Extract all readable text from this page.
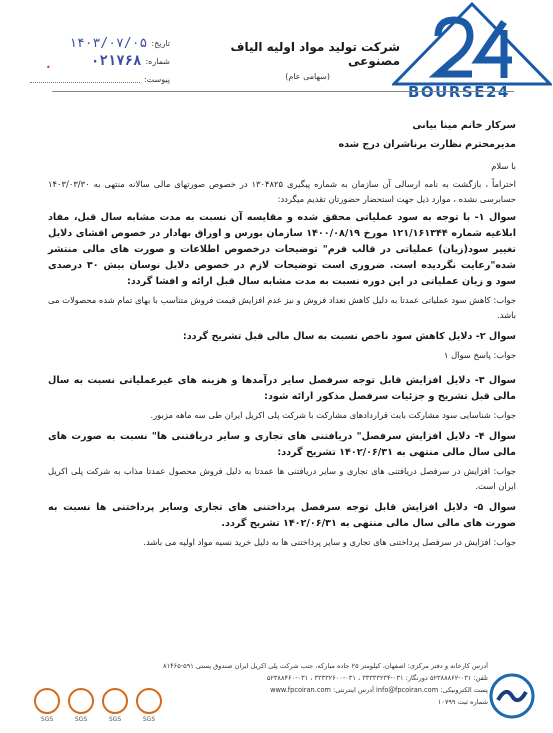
BOURSE24
تاریخ:
۱۴۰۳/۰۷/۰۵
شماره:
۰۲۱۷۶۸
پیوست:
•
شرکت تولید مواد اولیه الیاف مصنوعی
(سهامی عام)

سرکار خانم مینا بیانی

مدیرمحترم نظارت برناشران درج شده

با سلام

احتراماً ، بازگشت به نامه ارسالی آن سازمان به شماره پیگیری ۱۳۰۴۸۲۵ در خصوص صورتهای مالی سالانه منتهی به ۱۴۰۳/۰۳/۳۰ حسابرسی نشده ، موارد ذیل جهت استحضار حضورتان تقدیم میگردد:

سوال ۱- با توجه به سود عملیاتی محقق شده و مقایسه آن نسبت به مدت مشابه سال قبل، مفاد ابلاغیه شماره ۱۲۱/۱۶۱۳۴۴ مورخ ۱۴۰۰/۰۸/۱۹ سازمان بورس و اوراق بهادار در خصوص افشای دلایل تغییر سود(زیان) عملیاتی در قالب فرم" توضیحات درخصوص اطلاعات و صورت های مالی منتشر شده"رعایت نگردیده است. ضروری است توضیحات لازم در خصوص دلایل نوسان بیش ۳۰ درصدی سود و زیان عملیاتی در این دوره نسبت به مدت مشابه سال قبل ارائه و افشا گردد:

جواب: کاهش سود عملیاتی عمدتا به دلیل کاهش تعداد فروش و نیز عدم افزایش قیمت فروش متناسب با بهای تمام شده محصولات می باشد.

سوال ۲- دلایل کاهش سود ناخص نسبت به سال مالی قبل تشریح گردد:

جواب: پاسخ سوال ۱

سوال ۳- دلایل افزایش قابل توجه سرفصل سایر درآمدها و هزینه های غیرعملیاتی نسبت به سال مالی قبل تشریح و جزئیات سرفصل مذکور ارائه شود:

جواب: شناسایی سود مشارکت بابت قراردادهای مشارکت با شرکت پلی اکریل ایران طی سه ماهه مزبور.

سوال ۴- دلایل افزایش سرفصل" دریافتنی های تجاری و سایر دریافتنی ها" نسبت به صورت های مالی سال مالی منتهی به ۱۴۰۲/۰۶/۳۱ تشریح گردد:

جواب: افزایش در سرفصل دریافتنی های تجاری و سایر دریافتنی ها عمدتا به دلیل فروش محصول عمدتا مذاب به شرکت پلی اکریل ایران است.

سوال ۵- دلایل افزایش قابل توجه سرفصل پرداختنی های تجاری وسایر پرداختنی ها نسبت به صورت های مالی سال مالی منتهی به ۱۴۰۲/۰۶/۳۱ تشریح گردد.

جواب: افزایش در سرفصل پرداختنی های تجاری و سایر پرداختنی ها به دلیل خرید نسیه مواد اولیه می باشد.

آدرس کارخانه و دفتر مرکزی: اصفهان، کیلومتر ۲۵ جاده مبارکه، جنب شرکت پلی اکریل ایران صندوق پستی ۵۹۱-۸۱۴۶۵
تلفن: ۰۳۱-۵۲۳۸۸۸۶۲ دورنگار: ۰۳۱-۳۳۳۳۳۲۳۴ ، ۰۳۱-۳۳۳۳۲۶۰۰ ، ۰۳۱-۵۲۳۸۸۴۶۰
پست الکترونیکی: info@fpcoiran.com آدرس اینترنتی: www.fpcoiran.com
شماره ثبت ۱۰۷۹۹
SGS	SGS	SGS	SGS
